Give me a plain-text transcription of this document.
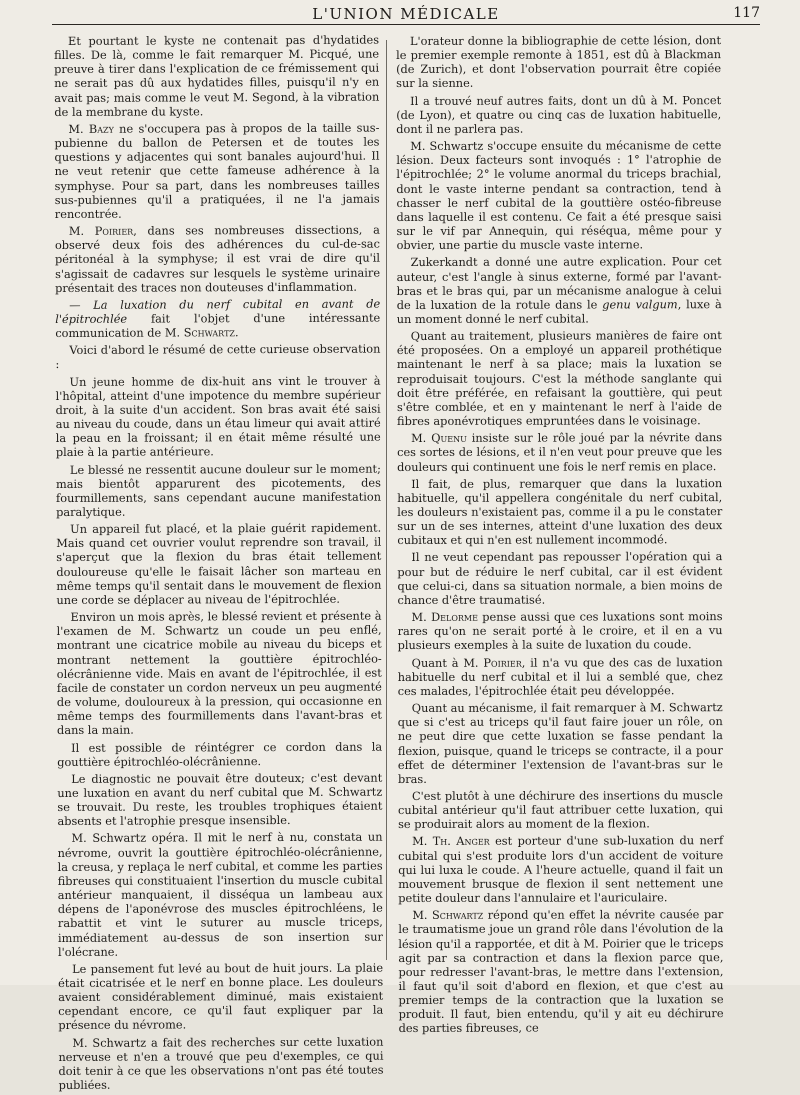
L'UNION MÉDICALE	117

Et pourtant le kyste ne contenait pas d'hydatides filles. De là, comme le fait remarquer M. Picqué, une preuve à tirer dans l'explication de ce frémissement qui ne serait pas dû aux hydatides filles, puisqu'il n'y en avait pas; mais comme le veut M. Segond, à la vibration de la membrane du kyste.

M. Bazy ne s'occupera pas à propos de la taille sus-pubienne du ballon de Petersen et de toutes les questions y adjacentes qui sont banales aujourd'hui. Il ne veut retenir que cette fameuse adhérence à la symphyse. Pour sa part, dans les nombreuses tailles sus-pubiennes qu'il a pratiquées, il ne l'a jamais rencontrée.

M. Poirier, dans ses nombreuses dissections, a observé deux fois des adhérences du cul-de-sac péritonéal à la symphyse; il est vrai de dire qu'il s'agissait de cadavres sur lesquels le système urinaire présentait des traces non douteuses d'inflammation.

— La luxation du nerf cubital en avant de l'épitrochlée fait l'objet d'une intéressante communication de M. Schwartz.

Voici d'abord le résumé de cette curieuse observation :

Un jeune homme de dix-huit ans vint le trouver à l'hôpital, atteint d'une impotence du membre supérieur droit, à la suite d'un accident. Son bras avait été saisi au niveau du coude, dans un étau limeur qui avait attiré la peau en la froissant; il en était même résulté une plaie à la partie antérieure.

Le blessé ne ressentit aucune douleur sur le moment; mais bientôt apparurent des picotements, des fourmillements, sans cependant aucune manifestation paralytique.

Un appareil fut placé, et la plaie guérit rapidement. Mais quand cet ouvrier voulut reprendre son travail, il s'aperçut que la flexion du bras était tellement douloureuse qu'elle le faisait lâcher son marteau en même temps qu'il sentait dans le mouvement de flexion une corde se déplacer au niveau de l'épitrochlée.

Environ un mois après, le blessé revient et présente à l'examen de M. Schwartz un coude un peu enflé, montrant une cicatrice mobile au niveau du biceps et montrant nettement la gouttière épitrochléo-olécrânienne vide. Mais en avant de l'épitrochlée, il est facile de constater un cordon nerveux un peu augmenté de volume, douloureux à la pression, qui occasionne en même temps des fourmillements dans l'avant-bras et dans la main.

Il est possible de réintégrer ce cordon dans la gouttière épitrochléo-olécrânienne.

Le diagnostic ne pouvait être douteux; c'est devant une luxation en avant du nerf cubital que M. Schwartz se trouvait. Du reste, les troubles trophiques étaient absents et l'atrophie presque insensible.

M. Schwartz opéra. Il mit le nerf à nu, constata un névrome, ouvrit la gouttière épitrochléo-olécrânienne, la creusa, y replaça le nerf cubital, et comme les parties fibreuses qui constituaient l'insertion du muscle cubital antérieur manquaient, il disséqua un lambeau aux dépens de l'aponévrose des muscles épitrochléens, le rabattit et vint le suturer au muscle triceps, immédiatement au-dessus de son insertion sur l'olécrane.

Le pansement fut levé au bout de huit jours. La plaie était cicatrisée et le nerf en bonne place. Les douleurs avaient considérablement diminué, mais existaient cependant encore, ce qu'il faut expliquer par la présence du névrome.

M. Schwartz a fait des recherches sur cette luxation nerveuse et n'en a trouvé que peu d'exemples, ce qui doit tenir à ce que les observations n'ont pas été toutes publiées.

L'orateur donne la bibliographie de cette lésion, dont le premier exemple remonte à 1851, est dû à Blackman (de Zurich), et dont l'observation pourrait être copiée sur la sienne.

Il a trouvé neuf autres faits, dont un dû à M. Poncet (de Lyon), et quatre ou cinq cas de luxation habituelle, dont il ne parlera pas.

M. Schwartz s'occupe ensuite du mécanisme de cette lésion. Deux facteurs sont invoqués : 1° l'atrophie de l'épitrochlée; 2° le volume anormal du triceps brachial, dont le vaste interne pendant sa contraction, tend à chasser le nerf cubital de la gouttière ostéo-fibreuse dans laquelle il est contenu. Ce fait a été presque saisi sur le vif par Annequin, qui réséqua, même pour y obvier, une partie du muscle vaste interne.

Zukerkandt a donné une autre explication. Pour cet auteur, c'est l'angle à sinus externe, formé par l'avant-bras et le bras qui, par un mécanisme analogue à celui de la luxation de la rotule dans le genu valgum, luxe à un moment donné le nerf cubital.

Quant au traitement, plusieurs manières de faire ont été proposées. On a employé un appareil prothétique maintenant le nerf à sa place; mais la luxation se reproduisait toujours. C'est la méthode sanglante qui doit être préférée, en refaisant la gouttière, qui peut s'être comblée, et en y maintenant le nerf à l'aide de fibres aponévrotiques empruntées dans le voisinage.

M. Quenu insiste sur le rôle joué par la névrite dans ces sortes de lésions, et il n'en veut pour preuve que les douleurs qui continuent une fois le nerf remis en place.

Il fait, de plus, remarquer que dans la luxation habituelle, qu'il appellera congénitale du nerf cubital, les douleurs n'existaient pas, comme il a pu le constater sur un de ses internes, atteint d'une luxation des deux cubitaux et qui n'en est nullement incommodé.

Il ne veut cependant pas repousser l'opération qui a pour but de réduire le nerf cubital, car il est évident que celui-ci, dans sa situation normale, a bien moins de chance d'être traumatisé.

M. Delorme pense aussi que ces luxations sont moins rares qu'on ne serait porté à le croire, et il en a vu plusieurs exemples à la suite de luxation du coude.

Quant à M. Poirier, il n'a vu que des cas de luxation habituelle du nerf cubital et il lui a semblé que, chez ces malades, l'épitrochlée était peu développée.

Quant au mécanisme, il fait remarquer à M. Schwartz que si c'est au triceps qu'il faut faire jouer un rôle, on ne peut dire que cette luxation se fasse pendant la flexion, puisque, quand le triceps se contracte, il a pour effet de déterminer l'extension de l'avant-bras sur le bras.

C'est plutôt à une déchirure des insertions du muscle cubital antérieur qu'il faut attribuer cette luxation, qui se produirait alors au moment de la flexion.

M. Th. Anger est porteur d'une sub-luxation du nerf cubital qui s'est produite lors d'un accident de voiture qui lui luxa le coude. A l'heure actuelle, quand il fait un mouvement brusque de flexion il sent nettement une petite douleur dans l'annulaire et l'auriculaire.

M. Schwartz répond qu'en effet la névrite causée par le traumatisme joue un grand rôle dans l'évolution de la lésion qu'il a rapportée, et dit à M. Poirier que le triceps agit par sa contraction et dans la flexion parce que, pour redresser l'avant-bras, le mettre dans l'extension, il faut qu'il soit d'abord en flexion, et que c'est au premier temps de la contraction que la luxation se produit. Il faut, bien entendu, qu'il y ait eu déchirure des parties fibreuses, ce
